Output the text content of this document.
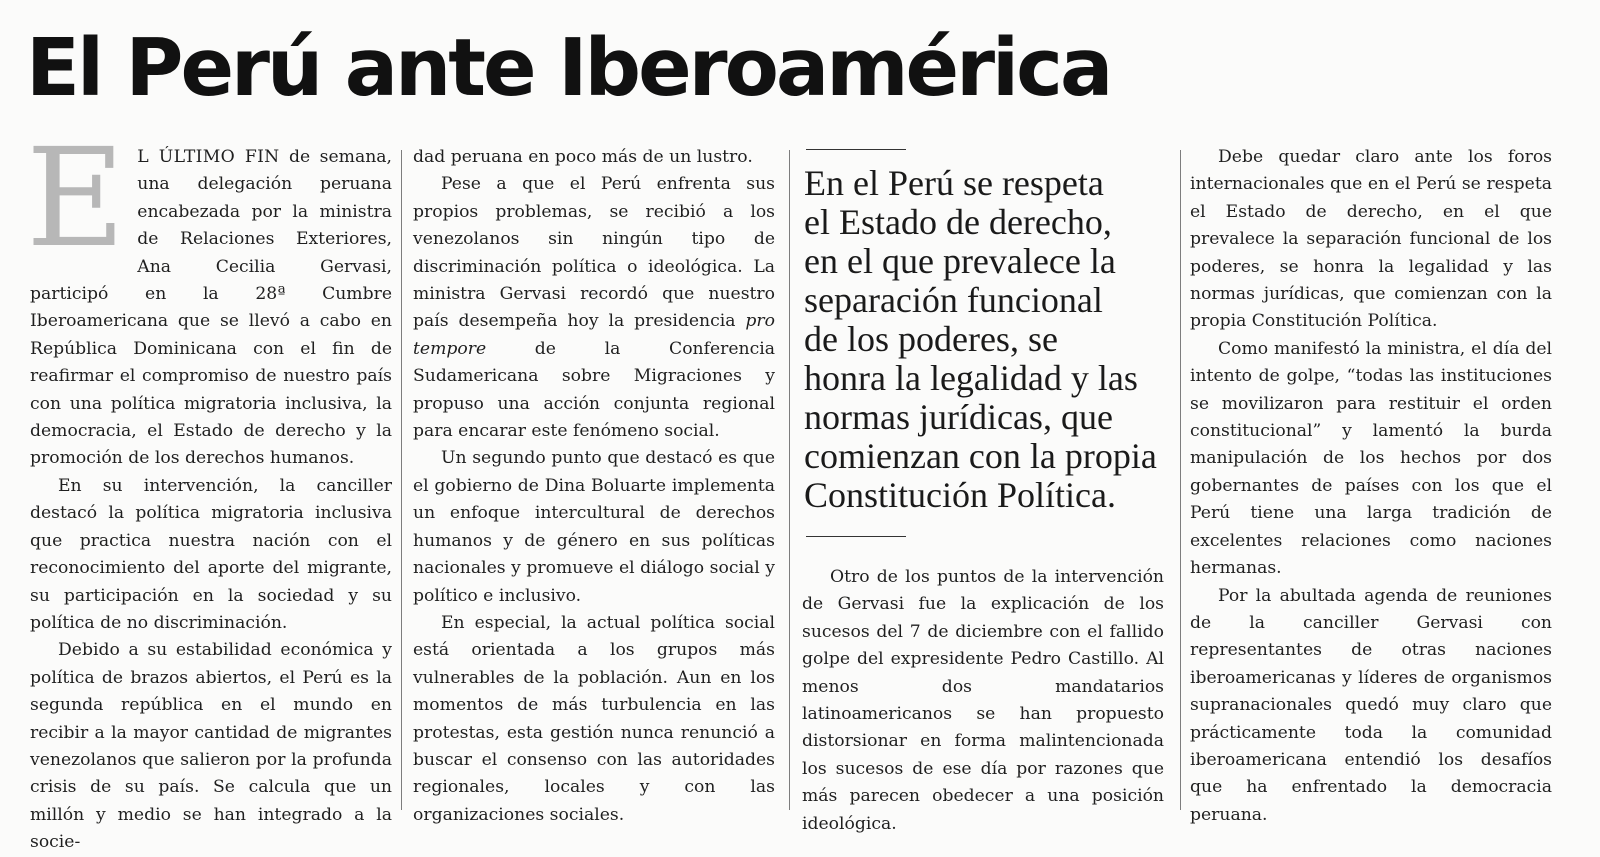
El Perú ante Iberoamérica

E L ÚLTIMO FIN de semana, una delegación peruana encabezada por la ministra de Relaciones Exteriores, Ana Cecilia Gervasi, participó en la 28ª Cumbre Iberoamericana que se llevó a cabo en República Dominicana con el fin de reafirmar el compromiso de nuestro país con una política migratoria inclusiva, la democracia, el Estado de derecho y la promoción de los derechos humanos.

En su intervención, la canciller destacó la política migratoria inclusiva que practica nuestra nación con el reconocimiento del aporte del migrante, su participación en la sociedad y su política de no discriminación.

Debido a su estabilidad económica y política de brazos abiertos, el Perú es la segunda república en el mundo en recibir a la mayor cantidad de migrantes venezolanos que salieron por la profunda crisis de su país. Se calcula que un millón y medio se han integrado a la socie-

dad peruana en poco más de un lustro.

Pese a que el Perú enfrenta sus propios problemas, se recibió a los venezolanos sin ningún tipo de discriminación política o ideológica. La ministra Gervasi recordó que nuestro país desempeña hoy la presidencia pro tempore de la Conferencia Sudamericana sobre Migraciones y propuso una acción conjunta regional para encarar este fenómeno social.

Un segundo punto que destacó es que el gobierno de Dina Boluarte implementa un enfoque intercultural de derechos humanos y de género en sus políticas nacionales y promueve el diálogo social y político e inclusivo.

En especial, la actual política social está orientada a los grupos más vulnerables de la población. Aun en los momentos de más turbulencia en las protestas, esta gestión nunca renunció a buscar el consenso con las autoridades regionales, locales y con las organizaciones sociales.

En el Perú se respeta
el Estado de derecho,
en el que prevalece la
separación funcional
de los poderes, se
honra la legalidad y las
normas jurídicas, que
comienzan con la propia
Constitución Política.

Otro de los puntos de la intervención de Gervasi fue la explicación de los sucesos del 7 de diciembre con el fallido golpe del expresidente Pedro Castillo. Al menos dos mandatarios latinoamericanos se han propuesto distorsionar en forma malintencionada los sucesos de ese día por razones que más parecen obedecer a una posición ideológica.

Debe quedar claro ante los foros internacionales que en el Perú se respeta el Estado de derecho, en el que prevalece la separación funcional de los poderes, se honra la legalidad y las normas jurídicas, que comienzan con la propia Constitución Política.

Como manifestó la ministra, el día del intento de golpe, “todas las instituciones se movilizaron para restituir el orden constitucional” y lamentó la burda manipulación de los hechos por dos gobernantes de países con los que el Perú tiene una larga tradición de excelentes relaciones como naciones hermanas.

Por la abultada agenda de reuniones de la canciller Gervasi con representantes de otras naciones iberoamericanas y líderes de organismos supranacionales quedó muy claro que prácticamente toda la comunidad iberoamericana entendió los desafíos que ha enfrentado la democracia peruana.
